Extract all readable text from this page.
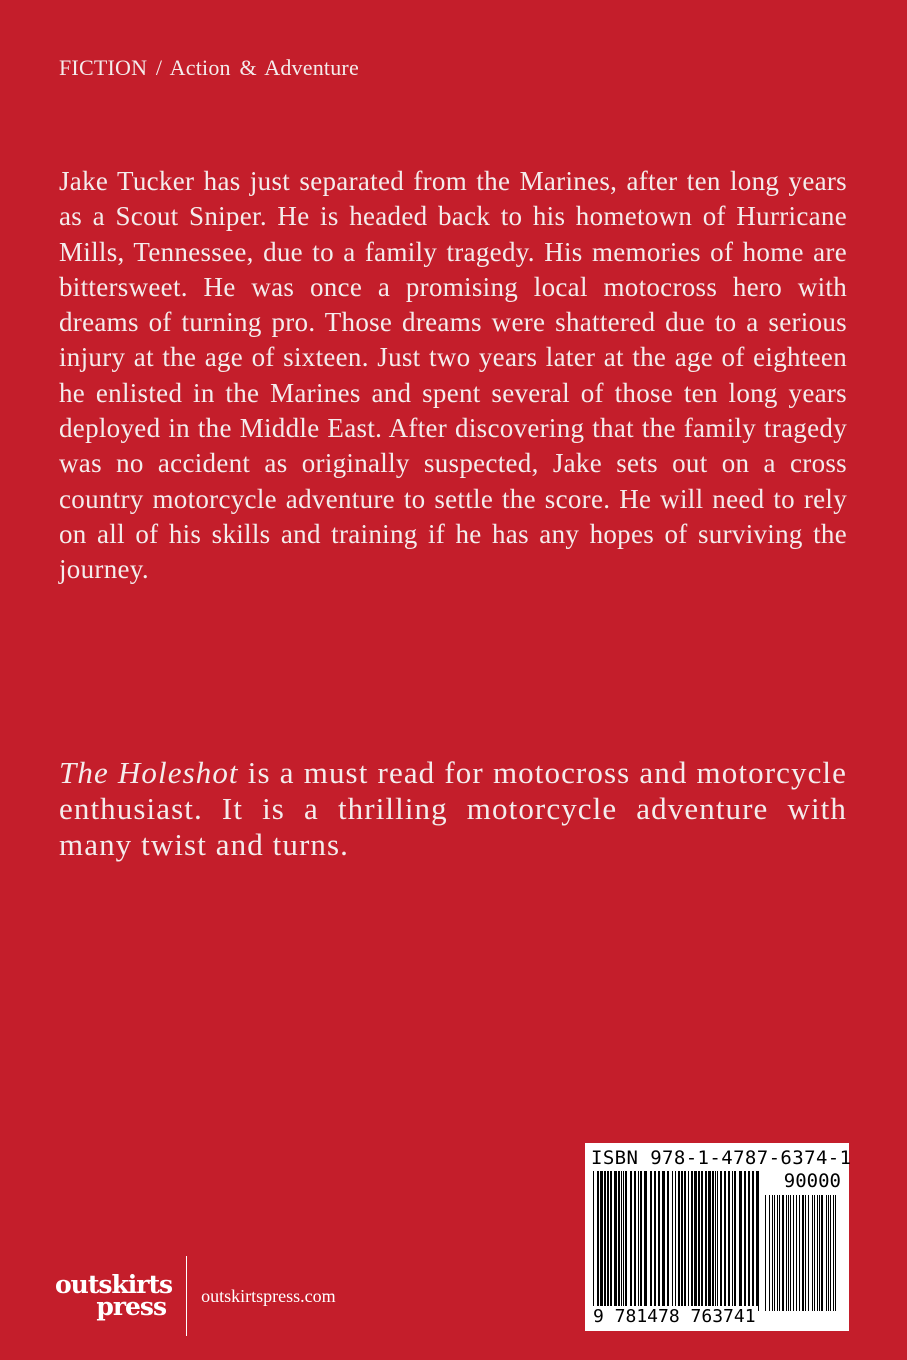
FICTION / Action & Adventure
Jake Tucker has just separated from the Marines, after ten long years as a Scout Sniper. He is headed back to his hometown of Hurricane Mills, Tennessee, due to a family tragedy. His memories of home are bittersweet. He was once a promising local motocross hero with dreams of turning pro. Those dreams were shattered due to a serious injury at the age of sixteen. Just two years later at the age of eighteen he enlisted in the Marines and spent several of those ten long years deployed in the Middle East. After discovering that the family tragedy was no accident as originally suspected, Jake sets out on a cross country motorcycle adventure to settle the score. He will need to rely on all of his skills and training if he has any hopes of surviving the journey.
The Holeshot is a must read for motocross and motorcycle enthusiast. It is a thrilling motorcycle adventure with many twist and turns.
outskirts
press	outskirtspress.com
ISBN 978-1-4787-6374-1
90000
9 781478 763741
